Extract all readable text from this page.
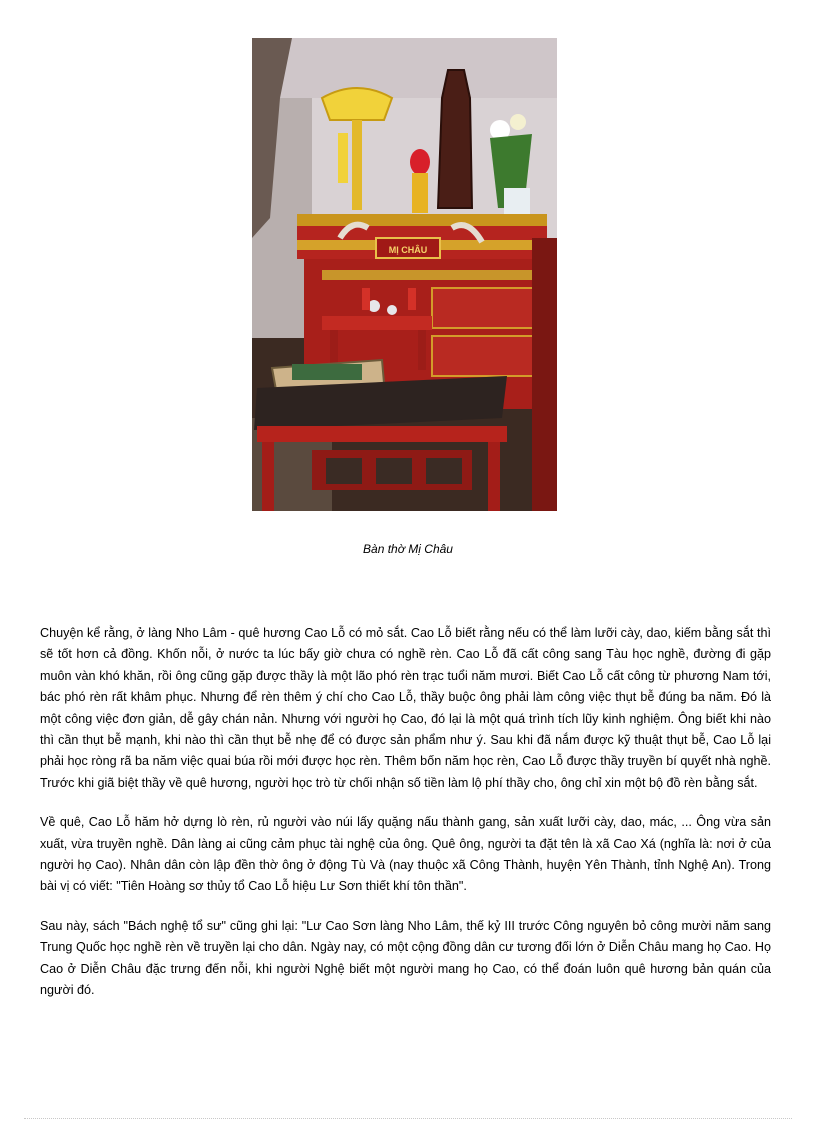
MỊ CHÂU
Bàn thờ Mị Châu

Chuyện kể rằng, ở làng Nho Lâm - quê hương Cao Lỗ có mỏ sắt. Cao Lỗ biết rằng nếu có thể làm lưỡi cày, dao, kiếm bằng sắt thì sẽ tốt hơn cả đồng. Khốn nỗi, ở nước ta lúc bấy giờ chưa có nghề rèn. Cao Lỗ đã cất công sang Tàu học nghề, đường đi gặp muôn vàn khó khăn, rồi ông cũng gặp được thầy là một lão phó rèn trạc tuổi năm mươi. Biết Cao Lỗ cất công từ phương Nam tới, bác phó rèn rất khâm phục. Nhưng để rèn thêm ý chí cho Cao Lỗ, thầy buộc ông phải làm công việc thụt bễ đúng ba năm. Đó là một công việc đơn giản, dễ gây chán nản. Nhưng với người họ Cao, đó lại là một quá trình tích lũy kinh nghiệm. Ông biết khi nào thì cần thụt bễ mạnh, khi nào thì cần thụt bễ nhẹ để có được sản phẩm như ý. Sau khi đã nắm được kỹ thuật thụt bễ, Cao Lỗ lại phải học ròng rã ba năm việc quai búa rồi mới được học rèn. Thêm bốn năm học rèn, Cao Lỗ được thầy truyền bí quyết nhà nghề. Trước khi giã biệt thầy về quê hương, người học trò từ chối nhận số tiền làm lộ phí thầy cho, ông chỉ xin một bộ đồ rèn bằng sắt.

Về quê, Cao Lỗ hăm hở dựng lò rèn, rủ người vào núi lấy quặng nấu thành gang, sản xuất lưỡi cày, dao, mác, ... Ông vừa sản xuất, vừa truyền nghề. Dân làng ai cũng cảm phục tài nghệ của ông. Quê ông, người ta đặt tên là xã Cao Xá (nghĩa là: nơi ở của người họ Cao). Nhân dân còn lập đền thờ ông ở động Tù Và (nay thuộc xã Công Thành, huyện Yên Thành, tỉnh Nghệ An). Trong bài vị có viết: "Tiên Hoàng sơ thủy tổ Cao Lỗ hiệu Lư Sơn thiết khí tôn thần".

Sau này, sách "Bách nghệ tổ sư" cũng ghi lại: "Lư Cao Sơn làng Nho Lâm, thế kỷ III trước Công nguyên bỏ công mười năm sang Trung Quốc học nghề rèn về truyền lại cho dân. Ngày nay, có một cộng đồng dân cư tương đối lớn ở Diễn Châu mang họ Cao. Họ Cao ở Diễn Châu đặc trưng đến nỗi, khi người Nghệ biết một người mang họ Cao, có thể đoán luôn quê hương bản quán của người đó.
